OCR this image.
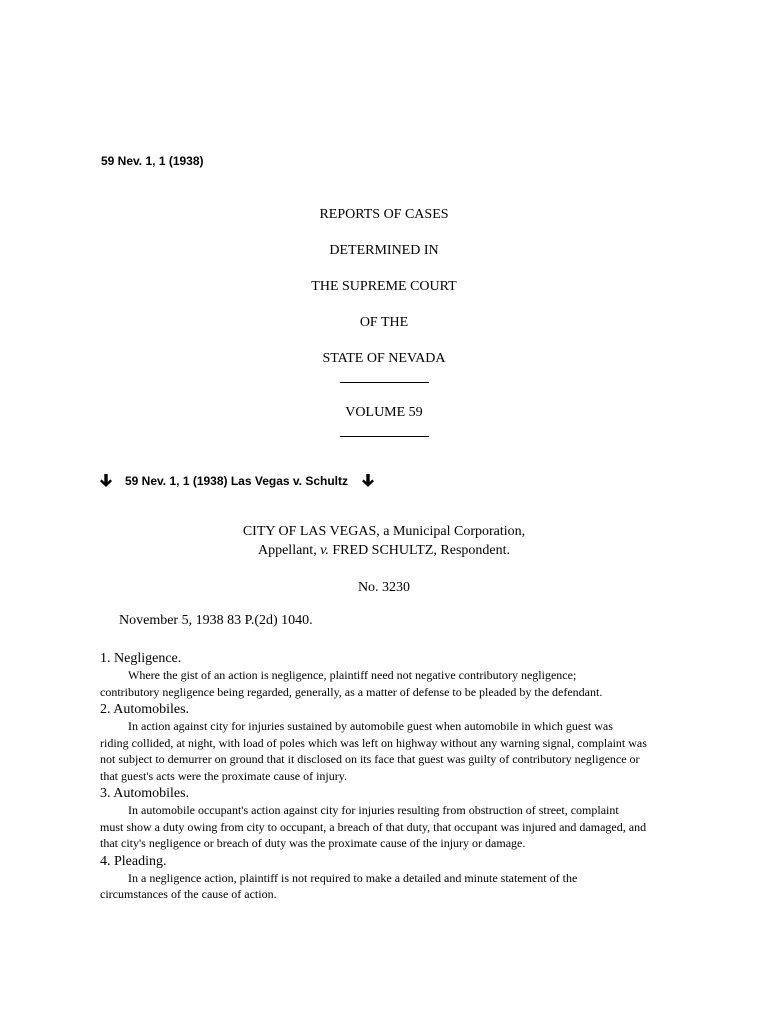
59 Nev. 1, 1 (1938)
REPORTS OF CASES
DETERMINED IN
THE SUPREME COURT
OF THE
STATE OF NEVADA
VOLUME 59
59 Nev. 1, 1 (1938) Las Vegas v. Schultz
CITY OF LAS VEGAS, a Municipal Corporation,
Appellant, v. FRED SCHULTZ, Respondent.
No. 3230
November 5, 1938 83 P.(2d) 1040.
1. Negligence.
Where the gist of an action is negligence, plaintiff need not negative contributory negligence;
contributory negligence being regarded, generally, as a matter of defense to be pleaded by the defendant.
2. Automobiles.
In action against city for injuries sustained by automobile guest when automobile in which guest was
riding collided, at night, with load of poles which was left on highway without any warning signal, complaint was not subject to demurrer on ground that it disclosed on its face that guest was guilty of contributory negligence or that guest's acts were the proximate cause of injury.
3. Automobiles.
In automobile occupant's action against city for injuries resulting from obstruction of street, complaint
must show a duty owing from city to occupant, a breach of that duty, that occupant was injured and damaged, and that city's negligence or breach of duty was the proximate cause of the injury or damage.
4. Pleading.
In a negligence action, plaintiff is not required to make a detailed and minute statement of the
circumstances of the cause of action.
